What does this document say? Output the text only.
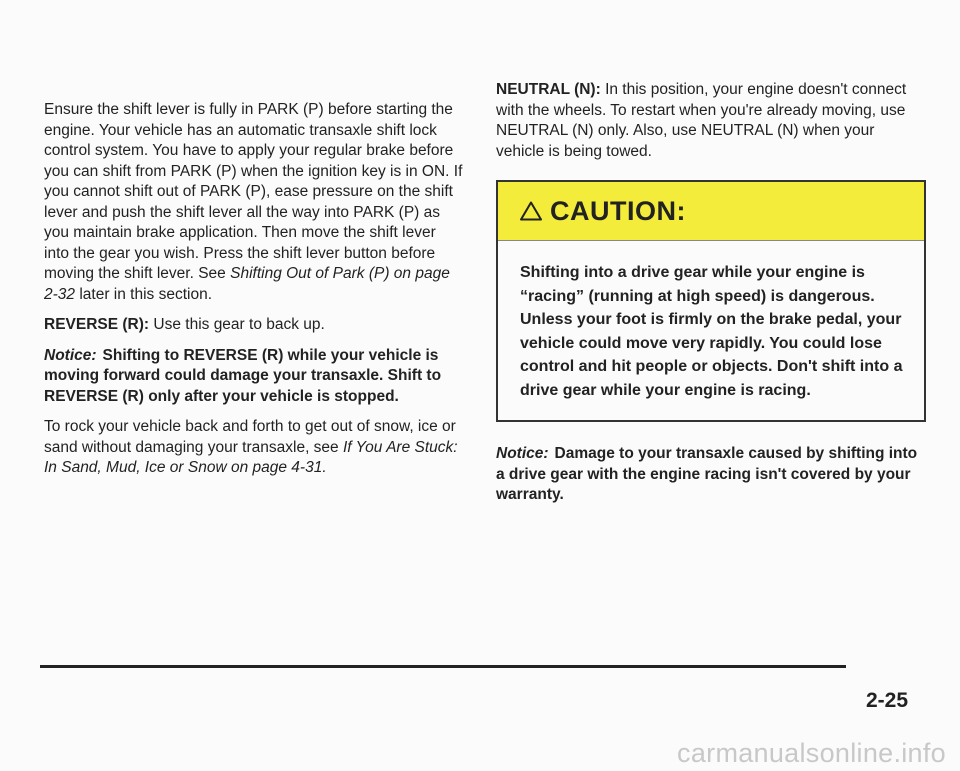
Ensure the shift lever is fully in PARK (P) before starting the engine. Your vehicle has an automatic transaxle shift lock control system. You have to apply your regular brake before you can shift from PARK (P) when the ignition key is in ON. If you cannot shift out of PARK (P), ease pressure on the shift lever and push the shift lever all the way into PARK (P) as you maintain brake application. Then move the shift lever into the gear you wish. Press the shift lever button before moving the shift lever. See Shifting Out of Park (P) on page 2-32 later in this section.

REVERSE (R): Use this gear to back up.

Notice: Shifting to REVERSE (R) while your vehicle is moving forward could damage your transaxle. Shift to REVERSE (R) only after your vehicle is stopped.

To rock your vehicle back and forth to get out of snow, ice or sand without damaging your transaxle, see If You Are Stuck: In Sand, Mud, Ice or Snow on page 4-31.

NEUTRAL (N): In this position, your engine doesn't connect with the wheels. To restart when you're already moving, use NEUTRAL (N) only. Also, use NEUTRAL (N) when your vehicle is being towed.

CAUTION:
Shifting into a drive gear while your engine is “racing” (running at high speed) is dangerous. Unless your foot is firmly on the brake pedal, your vehicle could move very rapidly. You could lose control and hit people or objects. Don't shift into a drive gear while your engine is racing.

Notice: Damage to your transaxle caused by shifting into a drive gear with the engine racing isn't covered by your warranty.

2-25
carmanualsonline.info
